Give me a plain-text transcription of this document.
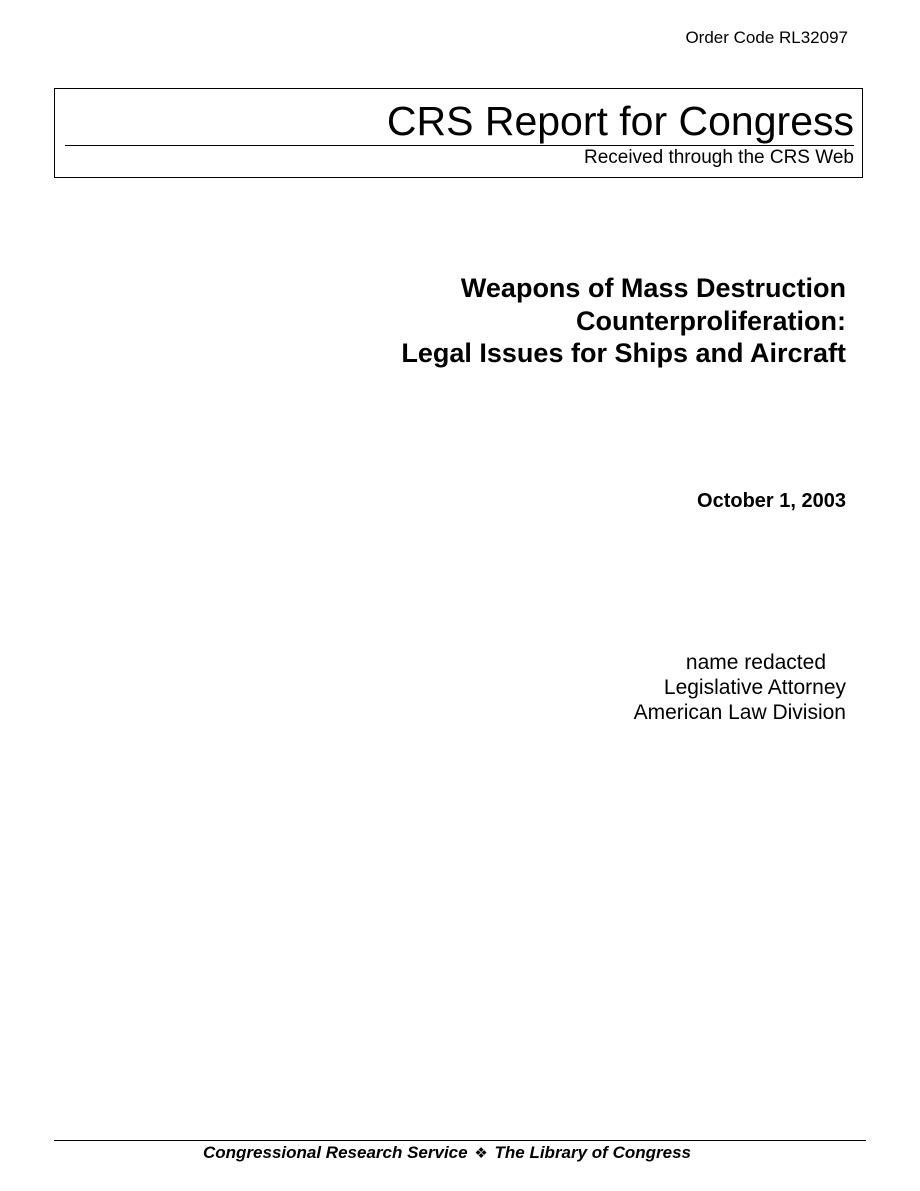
Order Code RL32097
CRS Report for Congress
Received through the CRS Web
Weapons of Mass Destruction
Counterproliferation:
Legal Issues for Ships and Aircraft
October 1, 2003
name redacted
Legislative Attorney
American Law Division
Congressional Research Service ❖ The Library of Congress
